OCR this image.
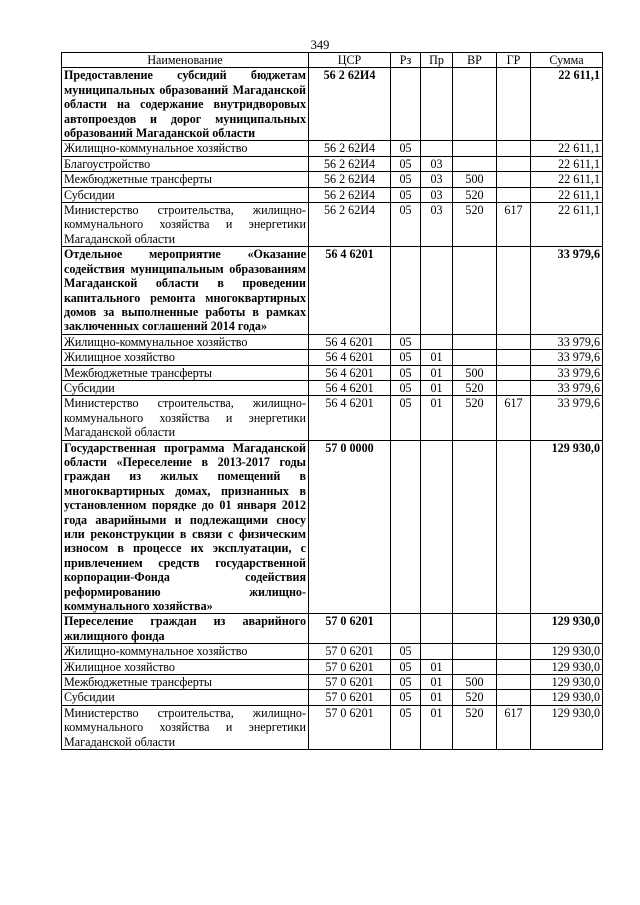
349
Наименование	ЦСР	Рз	Пр	ВР	ГР	Сумма
Предоставление субсидий бюджетам муниципальных образований Магаданской области на содержание внутридворовых автопроездов и дорог муниципальных образований Магаданской области	56 2 62И4					22 611,1
Жилищно-коммунальное хозяйство	56 2 62И4	05				22 611,1
Благоустройство	56 2 62И4	05	03			22 611,1
Межбюджетные трансферты	56 2 62И4	05	03	500		22 611,1
Субсидии	56 2 62И4	05	03	520		22 611,1
Министерство строительства, жилищно-коммунального хозяйства и энергетики Магаданской области	56 2 62И4	05	03	520	617	22 611,1
Отдельное мероприятие «Оказание содействия муниципальным образованиям Магаданской области в проведении капитального ремонта многоквартирных домов за выполненные работы в рамках заключенных соглашений 2014 года»	56 4 6201					33 979,6
Жилищно-коммунальное хозяйство	56 4 6201	05				33 979,6
Жилищное хозяйство	56 4 6201	05	01			33 979,6
Межбюджетные трансферты	56 4 6201	05	01	500		33 979,6
Субсидии	56 4 6201	05	01	520		33 979,6
Министерство строительства, жилищно-коммунального хозяйства и энергетики Магаданской области	56 4 6201	05	01	520	617	33 979,6
Государственная программа Магаданской области «Переселение в 2013-2017 годы граждан из жилых помещений в многоквартирных домах, признанных в установленном порядке до 01 января 2012 года аварийными и подлежащими сносу или реконструкции в связи с физическим износом в процессе их эксплуатации, с привлечением средств государственной корпорации-Фонда содействия реформированию жилищно-коммунального хозяйства»	57 0 0000					129 930,0
Переселение граждан из аварийного жилищного фонда	57 0 6201					129 930,0
Жилищно-коммунальное хозяйство	57 0 6201	05				129 930,0
Жилищное хозяйство	57 0 6201	05	01			129 930,0
Межбюджетные трансферты	57 0 6201	05	01	500		129 930,0
Субсидии	57 0 6201	05	01	520		129 930,0
Министерство строительства, жилищно-коммунального хозяйства и энергетики Магаданской области	57 0 6201	05	01	520	617	129 930,0
